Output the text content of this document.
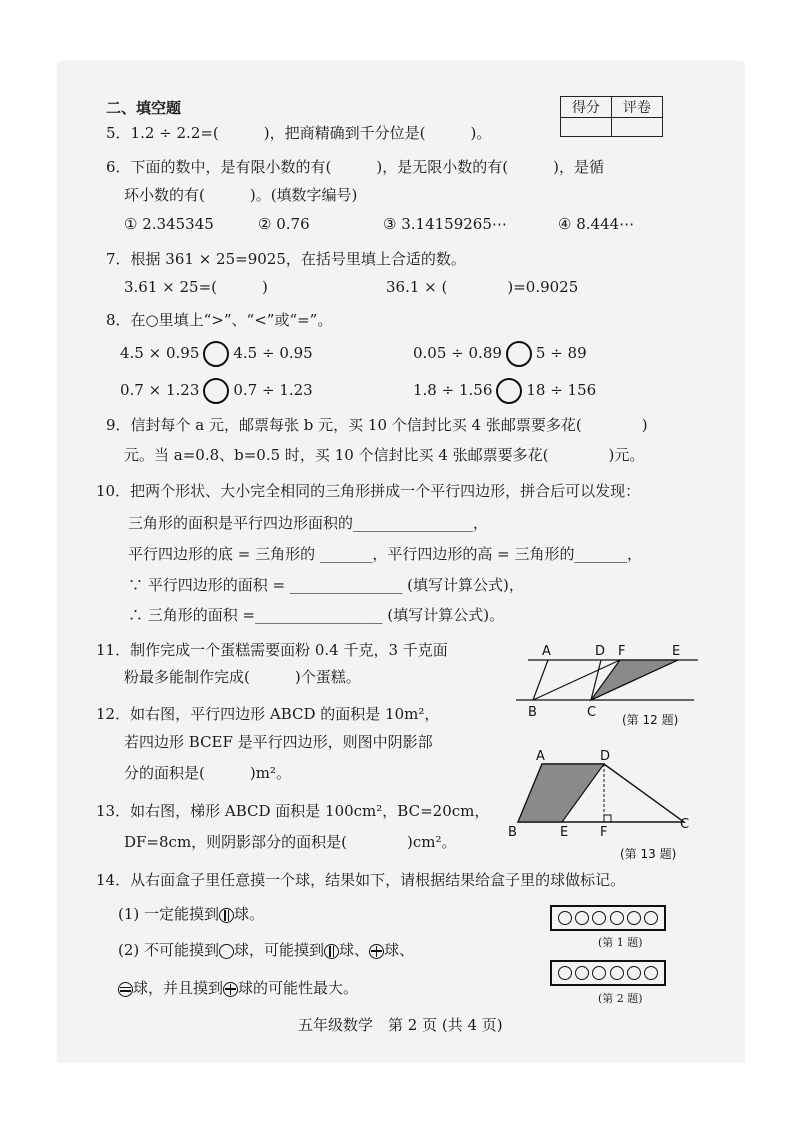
二、填空题	得分	评卷

5．1.2 ÷ 2.2=(　　　)，把商精确到千分位是(　　　)。
6．下面的数中，是有限小数的有(　　　)，是无限小数的有(　　　)，是循
环小数的有(　　　)。(填数字编号)
① 2.345345	② 0.76	③ 3.14159265⋯	④ 8.444⋯
7．根据 361 × 25=9025，在括号里填上合适的数。
3.61 × 25=(　　　)	36.1 × (　　　　)=0.9025
8．在○里填上“>”、“<”或“=”。
4.5 × 0.95 4.5 ÷ 0.95	0.05 ÷ 0.89 5 ÷ 89
0.7 × 1.23 0.7 ÷ 1.23	1.8 ÷ 1.56 18 ÷ 156
9．信封每个 a 元，邮票每张 b 元，买 10 个信封比买 4 张邮票要多花(　　　　)
元。当 a=0.8、b=0.5 时，买 10 个信封比买 4 张邮票要多花(　　　　)元。
10．把两个形状、大小完全相同的三角形拼成一个平行四边形，拼合后可以发现：
三角形的面积是平行四边形面积的________________，
平行四边形的底 = 三角形的 _______，平行四边形的高 = 三角形的_______，
∵ 平行四边形的面积 = _______________ (填写计算公式)，
∴ 三角形的面积 =_________________ (填写计算公式)。
11．制作完成一个蛋糕需要面粉 0.4 千克，3 千克面
粉最多能制作完成(　　　)个蛋糕。
12．如右图，平行四边形 ABCD 的面积是 10m²，
若四边形 BCEF 是平行四边形，则图中阴影部
分的面积是(　　　)m²。
13．如右图，梯形 ABCD 面积是 100cm²，BC=20cm，
DF=8cm，则阴影部分的面积是(　　　　)cm²。
14．从右面盒子里任意摸一个球，结果如下，请根据结果给盒子里的球做标记。
(1) 一定能摸到 球。
(2) 不可能摸到 球，可能摸到 球、 球、
球，并且摸到 球的可能性最大。
A	D F	E
B	C (第 12 题)
A	D
B	E F
C
(第 13 题)
(第 1 题)
(第 2 题)
五年级数学　第 2 页 (共 4 页)
